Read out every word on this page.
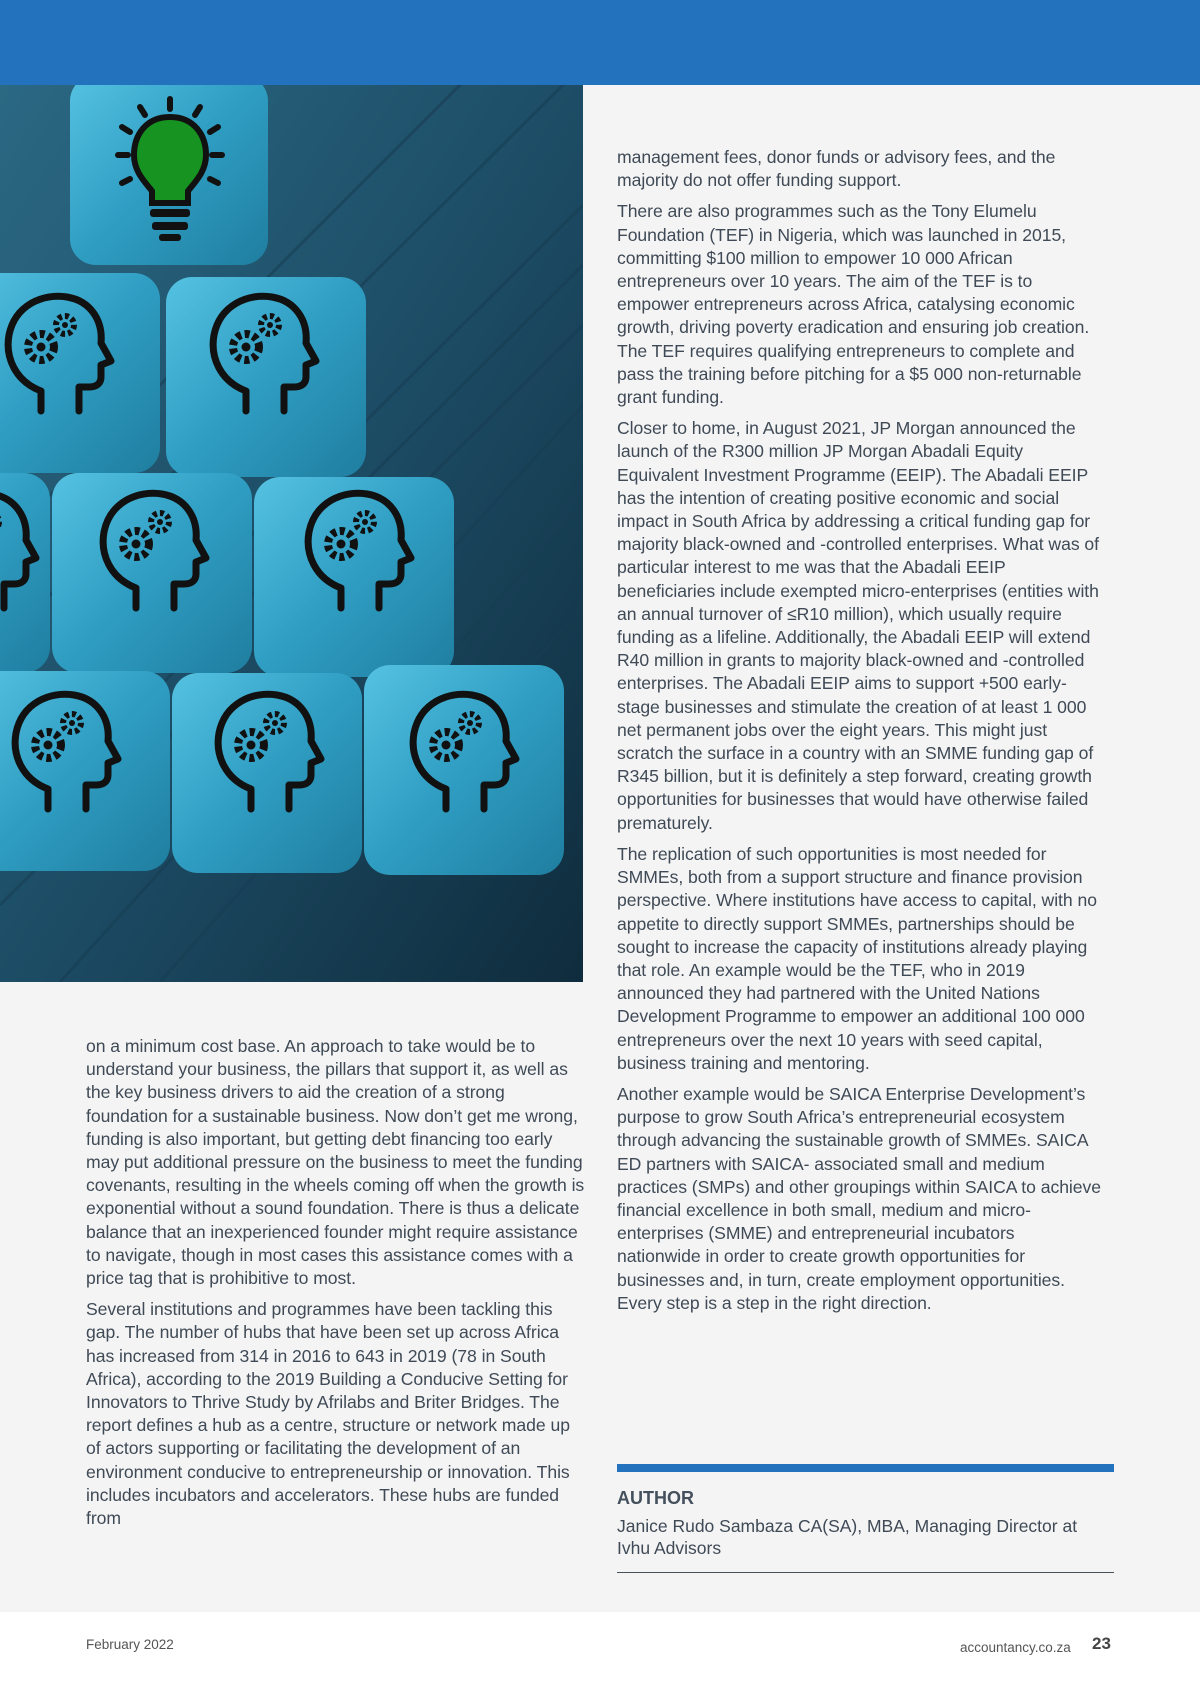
management fees, donor funds or advisory fees, and the majority do not offer funding support.

There are also programmes such as the Tony Elumelu Foundation (TEF) in Nigeria, which was launched in 2015, committing $100 million to empower 10 000 African entrepreneurs over 10 years. The aim of the TEF is to empower entrepreneurs across Africa, catalysing economic growth, driving poverty eradication and ensuring job creation. The TEF requires qualifying entrepreneurs to complete and pass the training before pitching for a $5 000 non-returnable grant funding.

Closer to home, in August 2021, JP Morgan announced the launch of the R300 million JP Morgan Abadali Equity Equivalent Investment Programme (EEIP). The Abadali EEIP has the intention of creating positive economic and social impact in South Africa by addressing a critical funding gap for majority black-owned and -controlled enterprises. What was of particular interest to me was that the Abadali EEIP beneficiaries include exempted micro-enterprises (entities with an annual turnover of ≤R10 million), which usually require funding as a lifeline. Additionally, the Abadali EEIP will extend R40 million in grants to majority black-owned and -controlled enterprises. The Abadali EEIP aims to support +500 early-stage businesses and stimulate the creation of at least 1 000 net permanent jobs over the eight years. This might just scratch the surface in a country with an SMME funding gap of R345 billion, but it is definitely a step forward, creating growth opportunities for businesses that would have otherwise failed prematurely.

The replication of such opportunities is most needed for SMMEs, both from a support structure and finance provision perspective. Where institutions have access to capital, with no appetite to directly support SMMEs, partnerships should be sought to increase the capacity of institutions already playing that role. An example would be the TEF, who in 2019 announced they had partnered with the United Nations Development Programme to empower an additional 100 000 entrepreneurs over the next 10 years with seed capital, business training and mentoring.

Another example would be SAICA Enterprise Development’s purpose to grow South Africa’s entrepreneurial ecosystem through advancing the sustainable growth of SMMEs. SAICA ED partners with SAICA- associated small and medium practices (SMPs) and other groupings within SAICA to achieve financial excellence in both small, medium and micro-enterprises (SMME) and entrepreneurial incubators nationwide in order to create growth opportunities for businesses and, in turn, create employment opportunities. Every step is a step in the right direction.

on a minimum cost base. An approach to take would be to understand your business, the pillars that support it, as well as the key business drivers to aid the creation of a strong foundation for a sustainable business. Now don’t get me wrong, funding is also important, but getting debt financing too early may put additional pressure on the business to meet the funding covenants, resulting in the wheels coming off when the growth is exponential without a sound foundation. There is thus a delicate balance that an inexperienced founder might require assistance to navigate, though in most cases this assistance comes with a price tag that is prohibitive to most.

Several institutions and programmes have been tackling this gap. The number of hubs that have been set up across Africa has increased from 314 in 2016 to 643 in 2019 (78 in South Africa), according to the 2019 Building a Conducive Setting for Innovators to Thrive Study by Afrilabs and Briter Bridges. The report defines a hub as a centre, structure or network made up of actors supporting or facilitating the development of an environment conducive to entrepreneurship or innovation. This includes incubators and accelerators. These hubs are funded from

AUTHOR
Janice Rudo Sambaza CA(SA), MBA, Managing Director at Ivhu Advisors
February 2022	accountancy.co.za 23
